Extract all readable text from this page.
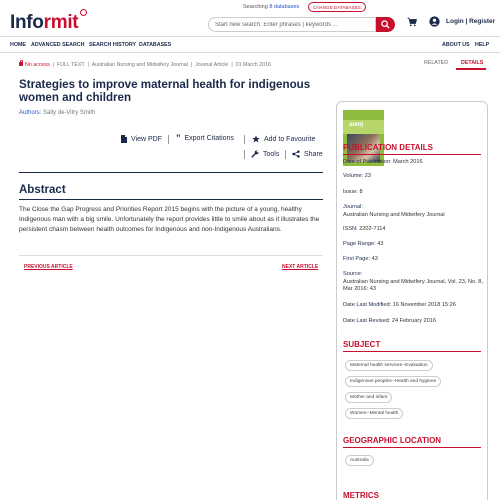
Informit
Searching 8 databases	CHANGE DATABASES
Start new search. Enter phrases | keywords ...
Login | Register
HOME ADVANCED SEARCH SEARCH HISTORY DATABASES	ABOUT US HELP
No access  |  FULL TEXT  |  Australian Nursing and Midwifery Journal  |  Journal Article  |  01 March 2016
Strategies to improve maternal health for indigenous women and children
Authors: Sally de-Vitry Smith
View PDF ” Export Citations	Add to Favourite
Tools	Share
Abstract
The Close the Gap Progress and Priorities Report 2015 begins with the picture of a young, healthy Indigenous man with a big smile. Unfortunately the report provides little to smile about as it illustrates the persistent chasm between health outcomes for Indigenous and non-Indigenous Australians.
PREVIOUS ARTICLE	NEXT ARTICLE
RELATED DETAILS
anmj
PUBLICATION DETAILS
Date of Publication: March 2016
Volume: 23
Issue: 8
Journal:
Australian Nursing and Midwifery Journal
ISSN: 2202-7114
Page Range: 43
First Page: 43
Source:
Australian Nursing and Midwifery Journal, Vol. 23, No. 8, Mar 2016: 43
Date Last Modified: 16 November 2018 15:26
Date Last Revised: 24 February 2016
SUBJECT
Maternal health services--Evaluation
Indigenous peoples--Health and hygiene
Mother and infant
Women--Mental health
GEOGRAPHIC LOCATION
Australia
METRICS
